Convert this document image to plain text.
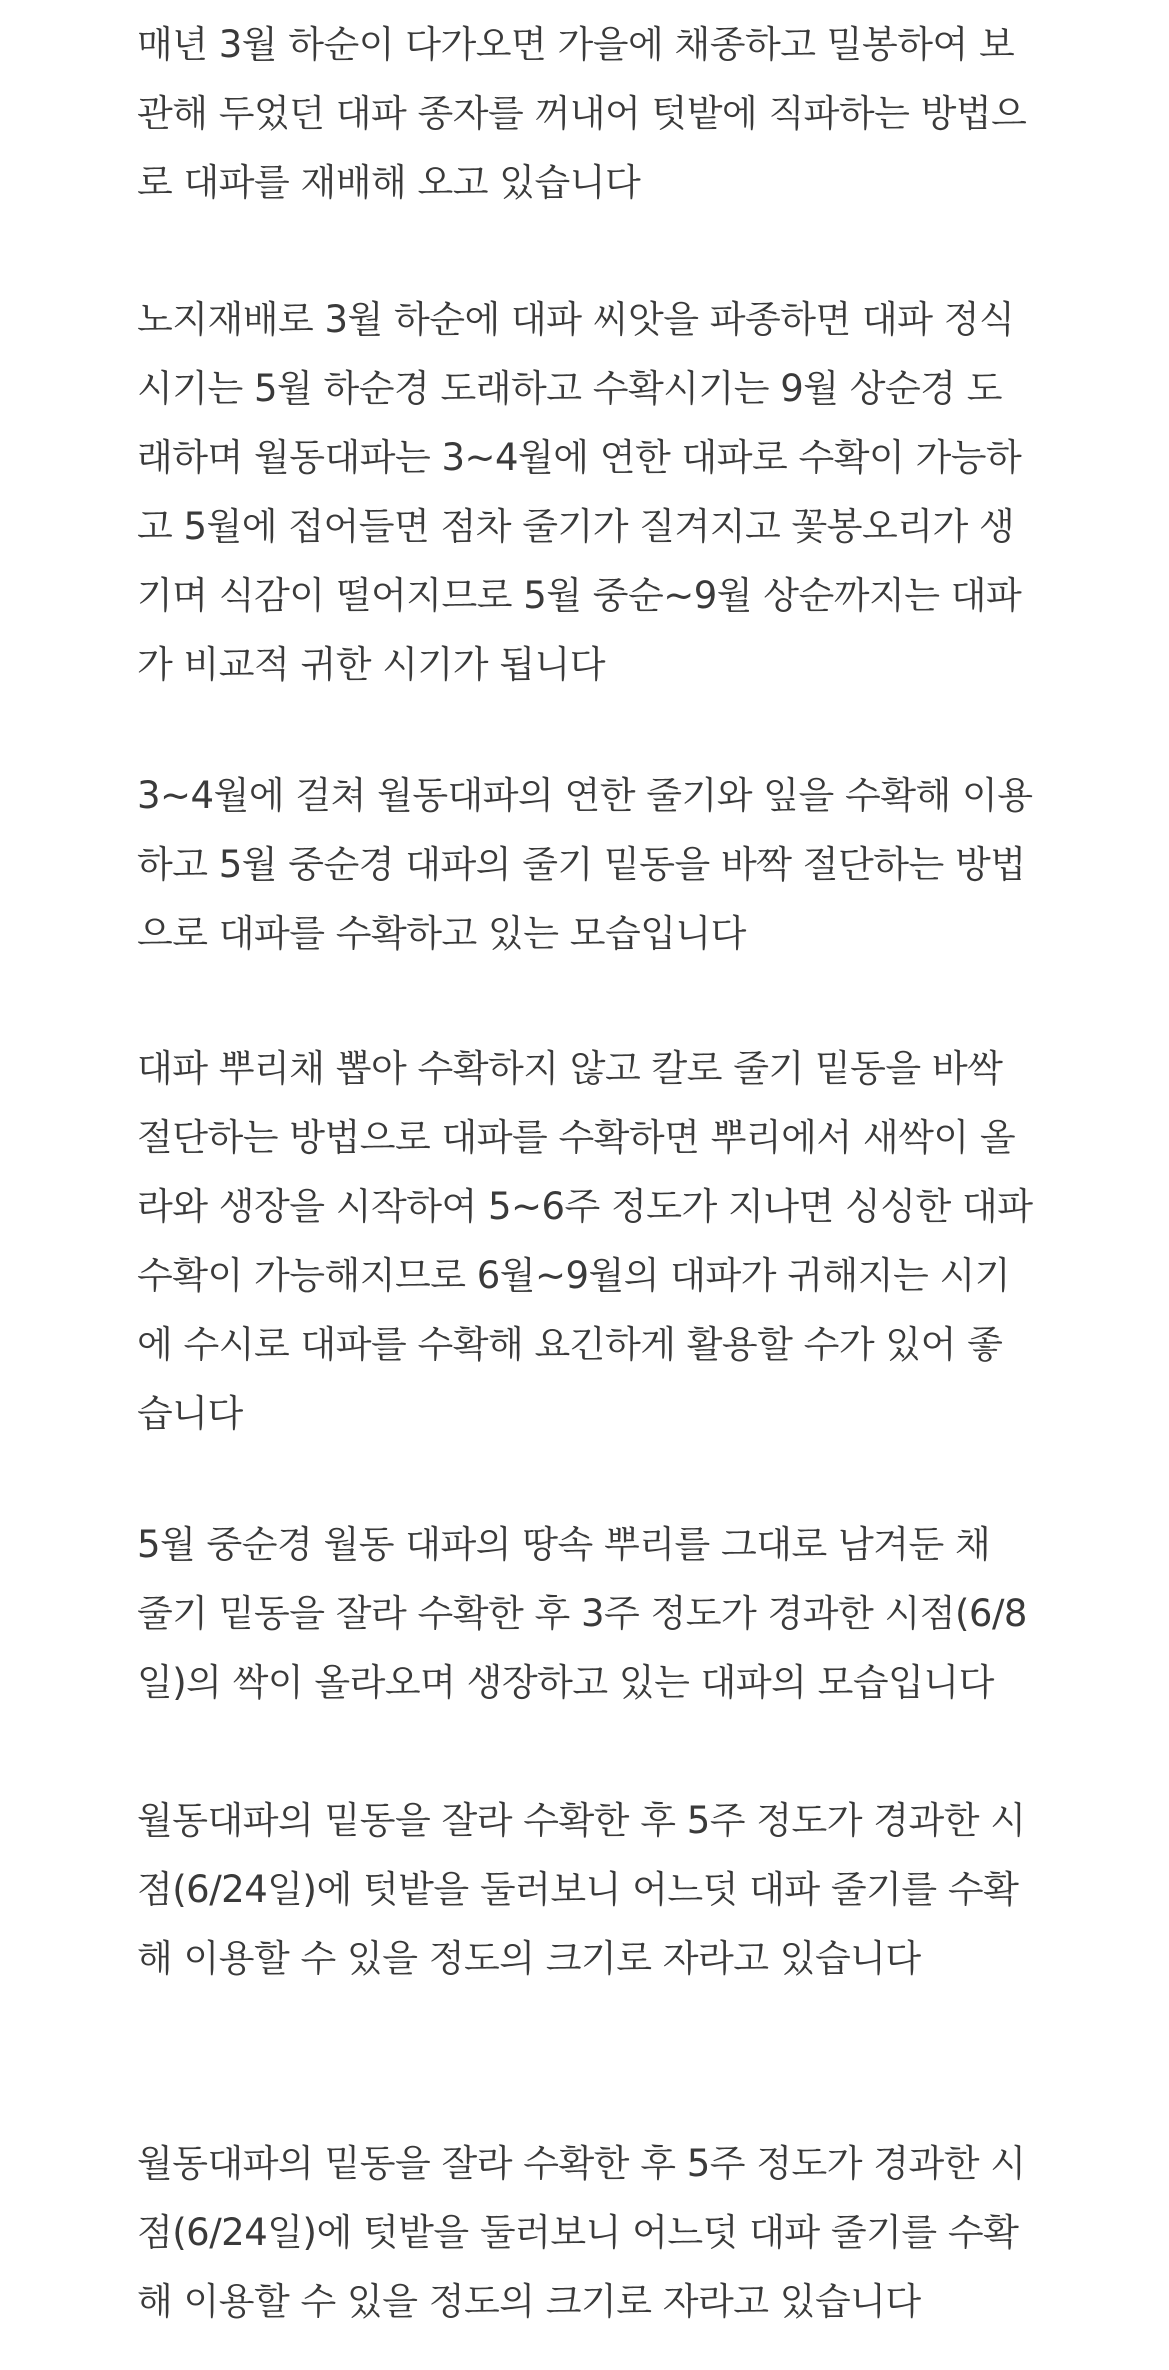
매년 3월 하순이 다가오면 가을에 채종하고 밀봉하여 보
관해 두었던 대파 종자를 꺼내어 텃밭에 직파하는 방법으
로 대파를 재배해 오고 있습니다

노지재배로 3월 하순에 대파 씨앗을 파종하면 대파 정식
시기는 5월 하순경 도래하고 수확시기는 9월 상순경 도
래하며 월동대파는 3~4월에 연한 대파로 수확이 가능하
고 5월에 접어들면 점차 줄기가 질겨지고 꽃봉오리가 생
기며 식감이 떨어지므로 5월 중순~9월 상순까지는 대파
가 비교적 귀한 시기가 됩니다

3~4월에 걸쳐 월동대파의 연한 줄기와 잎을 수확해 이용
하고 5월 중순경 대파의 줄기 밑동을 바짝 절단하는 방법
으로 대파를 수확하고 있는 모습입니다

대파 뿌리채 뽑아 수확하지 않고 칼로 줄기 밑동을 바싹
절단하는 방법으로 대파를 수확하면 뿌리에서 새싹이 올
라와 생장을 시작하여 5~6주 정도가 지나면 싱싱한 대파
수확이 가능해지므로 6월~9월의 대파가 귀해지는 시기
에 수시로 대파를 수확해 요긴하게 활용할 수가 있어 좋
습니다

5월 중순경 월동 대파의 땅속 뿌리를 그대로 남겨둔 채
줄기 밑동을 잘라 수확한 후 3주 정도가 경과한 시점(6/8
일)의 싹이 올라오며 생장하고 있는 대파의 모습입니다

월동대파의 밑동을 잘라 수확한 후 5주 정도가 경과한 시
점(6/24일)에 텃밭을 둘러보니 어느덧 대파 줄기를 수확
해 이용할 수 있을 정도의 크기로 자라고 있습니다

월동대파의 밑동을 잘라 수확한 후 5주 정도가 경과한 시
점(6/24일)에 텃밭을 둘러보니 어느덧 대파 줄기를 수확
해 이용할 수 있을 정도의 크기로 자라고 있습니다
